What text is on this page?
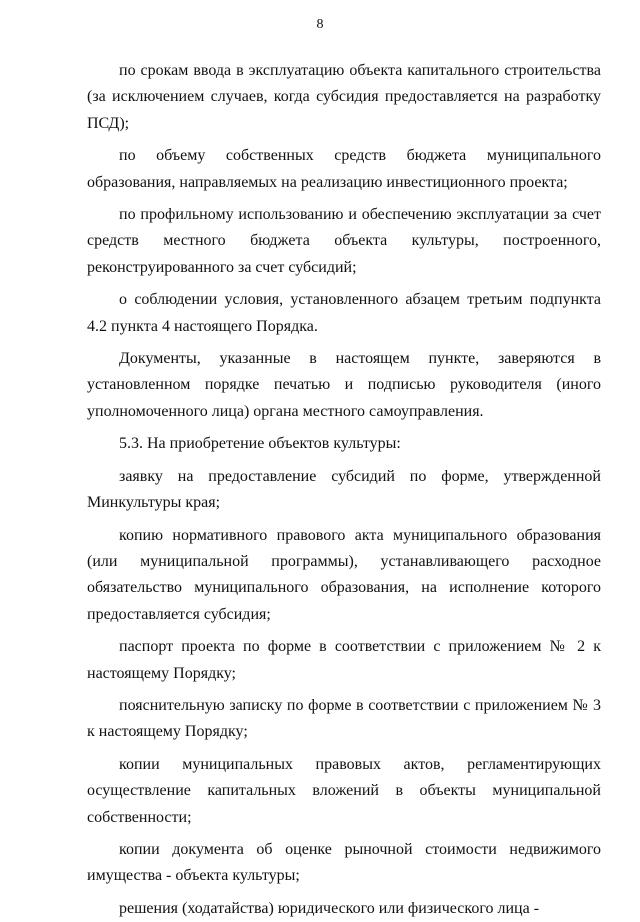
8

по срокам ввода в эксплуатацию объекта капитального строительства (за исключением случаев, когда субсидия предоставляется на разработку ПСД);

по объему собственных средств бюджета муниципального образования, направляемых на реализацию инвестиционного проекта;

по профильному использованию и обеспечению эксплуатации за счет средств местного бюджета объекта культуры, построенного, реконструированного за счет субсидий;

о соблюдении условия, установленного абзацем третьим подпункта 4.2 пункта 4 настоящего Порядка.

Документы, указанные в настоящем пункте, заверяются в установленном порядке печатью и подписью руководителя (иного уполномоченного лица) органа местного самоуправления.

5.3. На приобретение объектов культуры:

заявку на предоставление субсидий по форме, утвержденной Минкультуры края;

копию нормативного правового акта муниципального образования (или муниципальной программы), устанавливающего расходное обязательство муниципального образования, на исполнение которого предоставляется субсидия;

паспорт проекта по форме в соответствии с приложением № 2 к настоящему Порядку;

пояснительную записку по форме в соответствии с приложением № 3 к настоящему Порядку;

копии муниципальных правовых актов, регламентирующих осуществление капитальных вложений в объекты муниципальной собственности;

копии документа об оценке рыночной стоимости недвижимого имущества - объекта культуры;

решения (ходатайства) юридического или физического лица -
